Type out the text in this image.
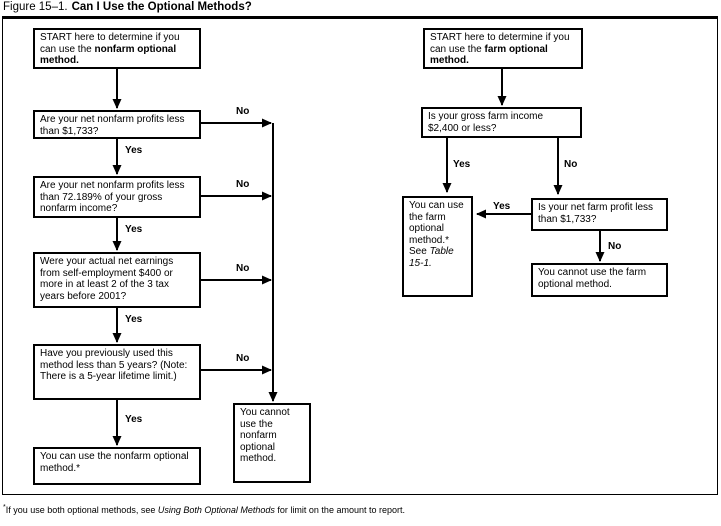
Figure 15–1. Can I Use the Optional Methods?
START here to determine if you can use the nonfarm optional method.
Are your net nonfarm profits less than $1,733?
Are your net nonfarm profits less than 72.189% of your gross nonfarm income?
Were your actual net earnings from self-employment $400 or more in at least 2 of the 3 tax years before 2001?
Have you previously used this method less than 5 years? (Note: There is a 5-year lifetime limit.)
You can use the nonfarm optional method.*
You cannot use the nonfarm optional method.
START here to determine if you can use the farm optional method.
Is your gross farm income $2,400 or less?
You can use the farm optional method.* See Table 15-1.
Is your net farm profit less than $1,733?
You cannot use the farm optional method.
Yes
Yes
Yes
Yes
No
No
No
No
Yes	No
Yes
No
*If you use both optional methods, see Using Both Optional Methods for limit on the amount to report.
